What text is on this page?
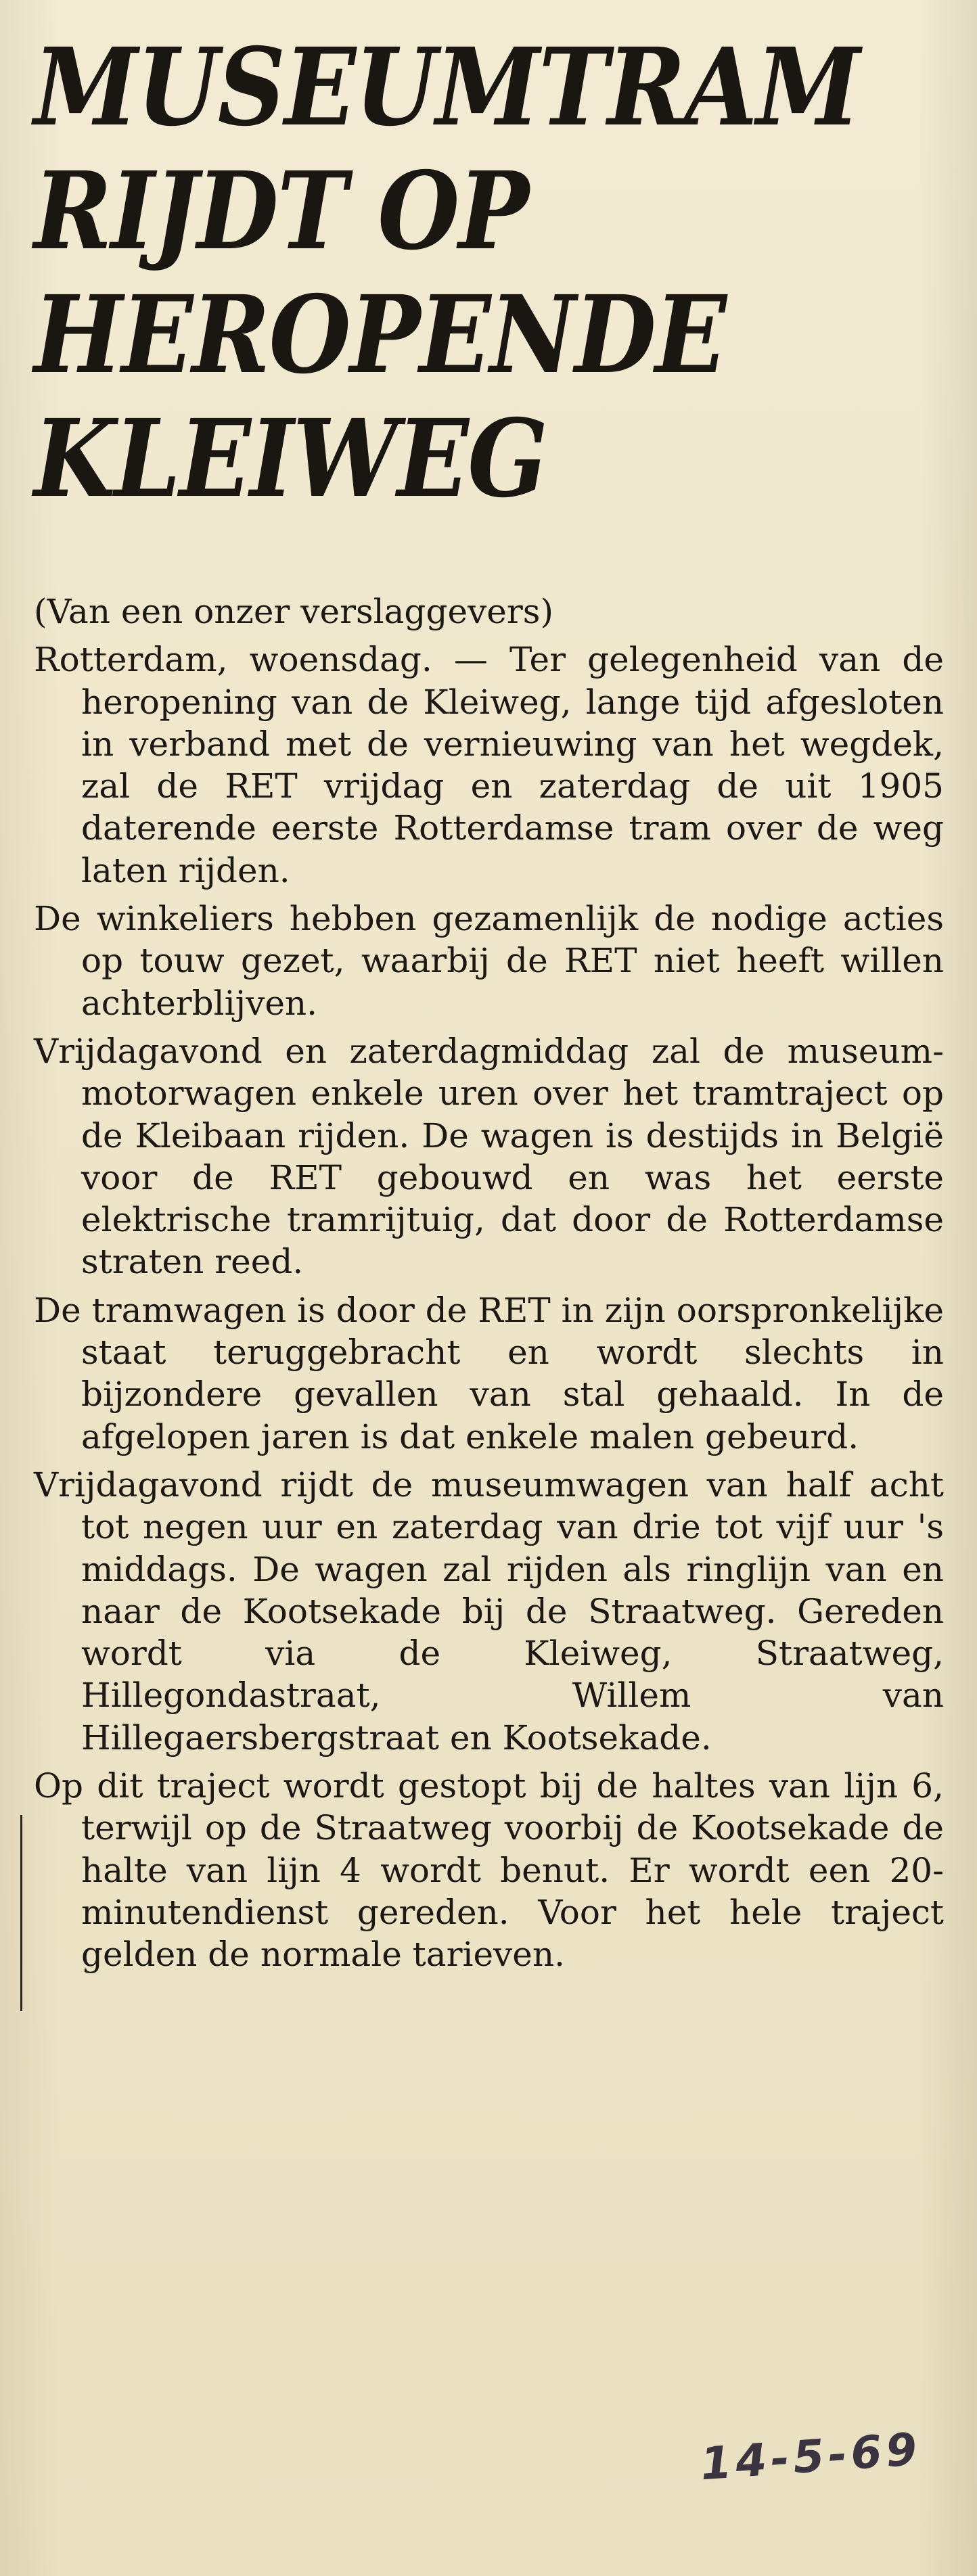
MUSEUMTRAM
RIJDT OP
HEROPENDE
KLEIWEG

(Van een onzer verslaggevers)

Rotterdam, woensdag. — Ter gelegenheid van de heropening van de Kleiweg, lange tijd afgesloten in verband met de vernieuwing van het wegdek, zal de RET vrijdag en zaterdag de uit 1905 daterende eerste Rotterdamse tram over de weg laten rijden.

De winkeliers hebben gezamenlijk de nodige acties op touw gezet, waarbij de RET niet heeft willen achterblijven.

Vrijdagavond en zaterdagmiddag zal de museum-motorwagen enkele uren over het tramtraject op de Kleibaan rijden. De wagen is destijds in België voor de RET gebouwd en was het eerste elektrische tramrijtuig, dat door de Rotterdamse straten reed.

De tramwagen is door de RET in zijn oorspronkelijke staat teruggebracht en wordt slechts in bijzondere gevallen van stal gehaald. In de afgelopen jaren is dat enkele malen gebeurd.

Vrijdagavond rijdt de museumwagen van half acht tot negen uur en zaterdag van drie tot vijf uur 's middags. De wagen zal rijden als ringlijn van en naar de Kootsekade bij de Straatweg. Gereden wordt via de Kleiweg, Straatweg, Hillegondastraat, Willem van Hillegaersbergstraat en Kootsekade.

Op dit traject wordt gestopt bij de haltes van lijn 6, terwijl op de Straatweg voorbij de Kootsekade de halte van lijn 4 wordt benut. Er wordt een 20-minutendienst gereden. Voor het hele traject gelden de normale tarieven.

14-5-69
